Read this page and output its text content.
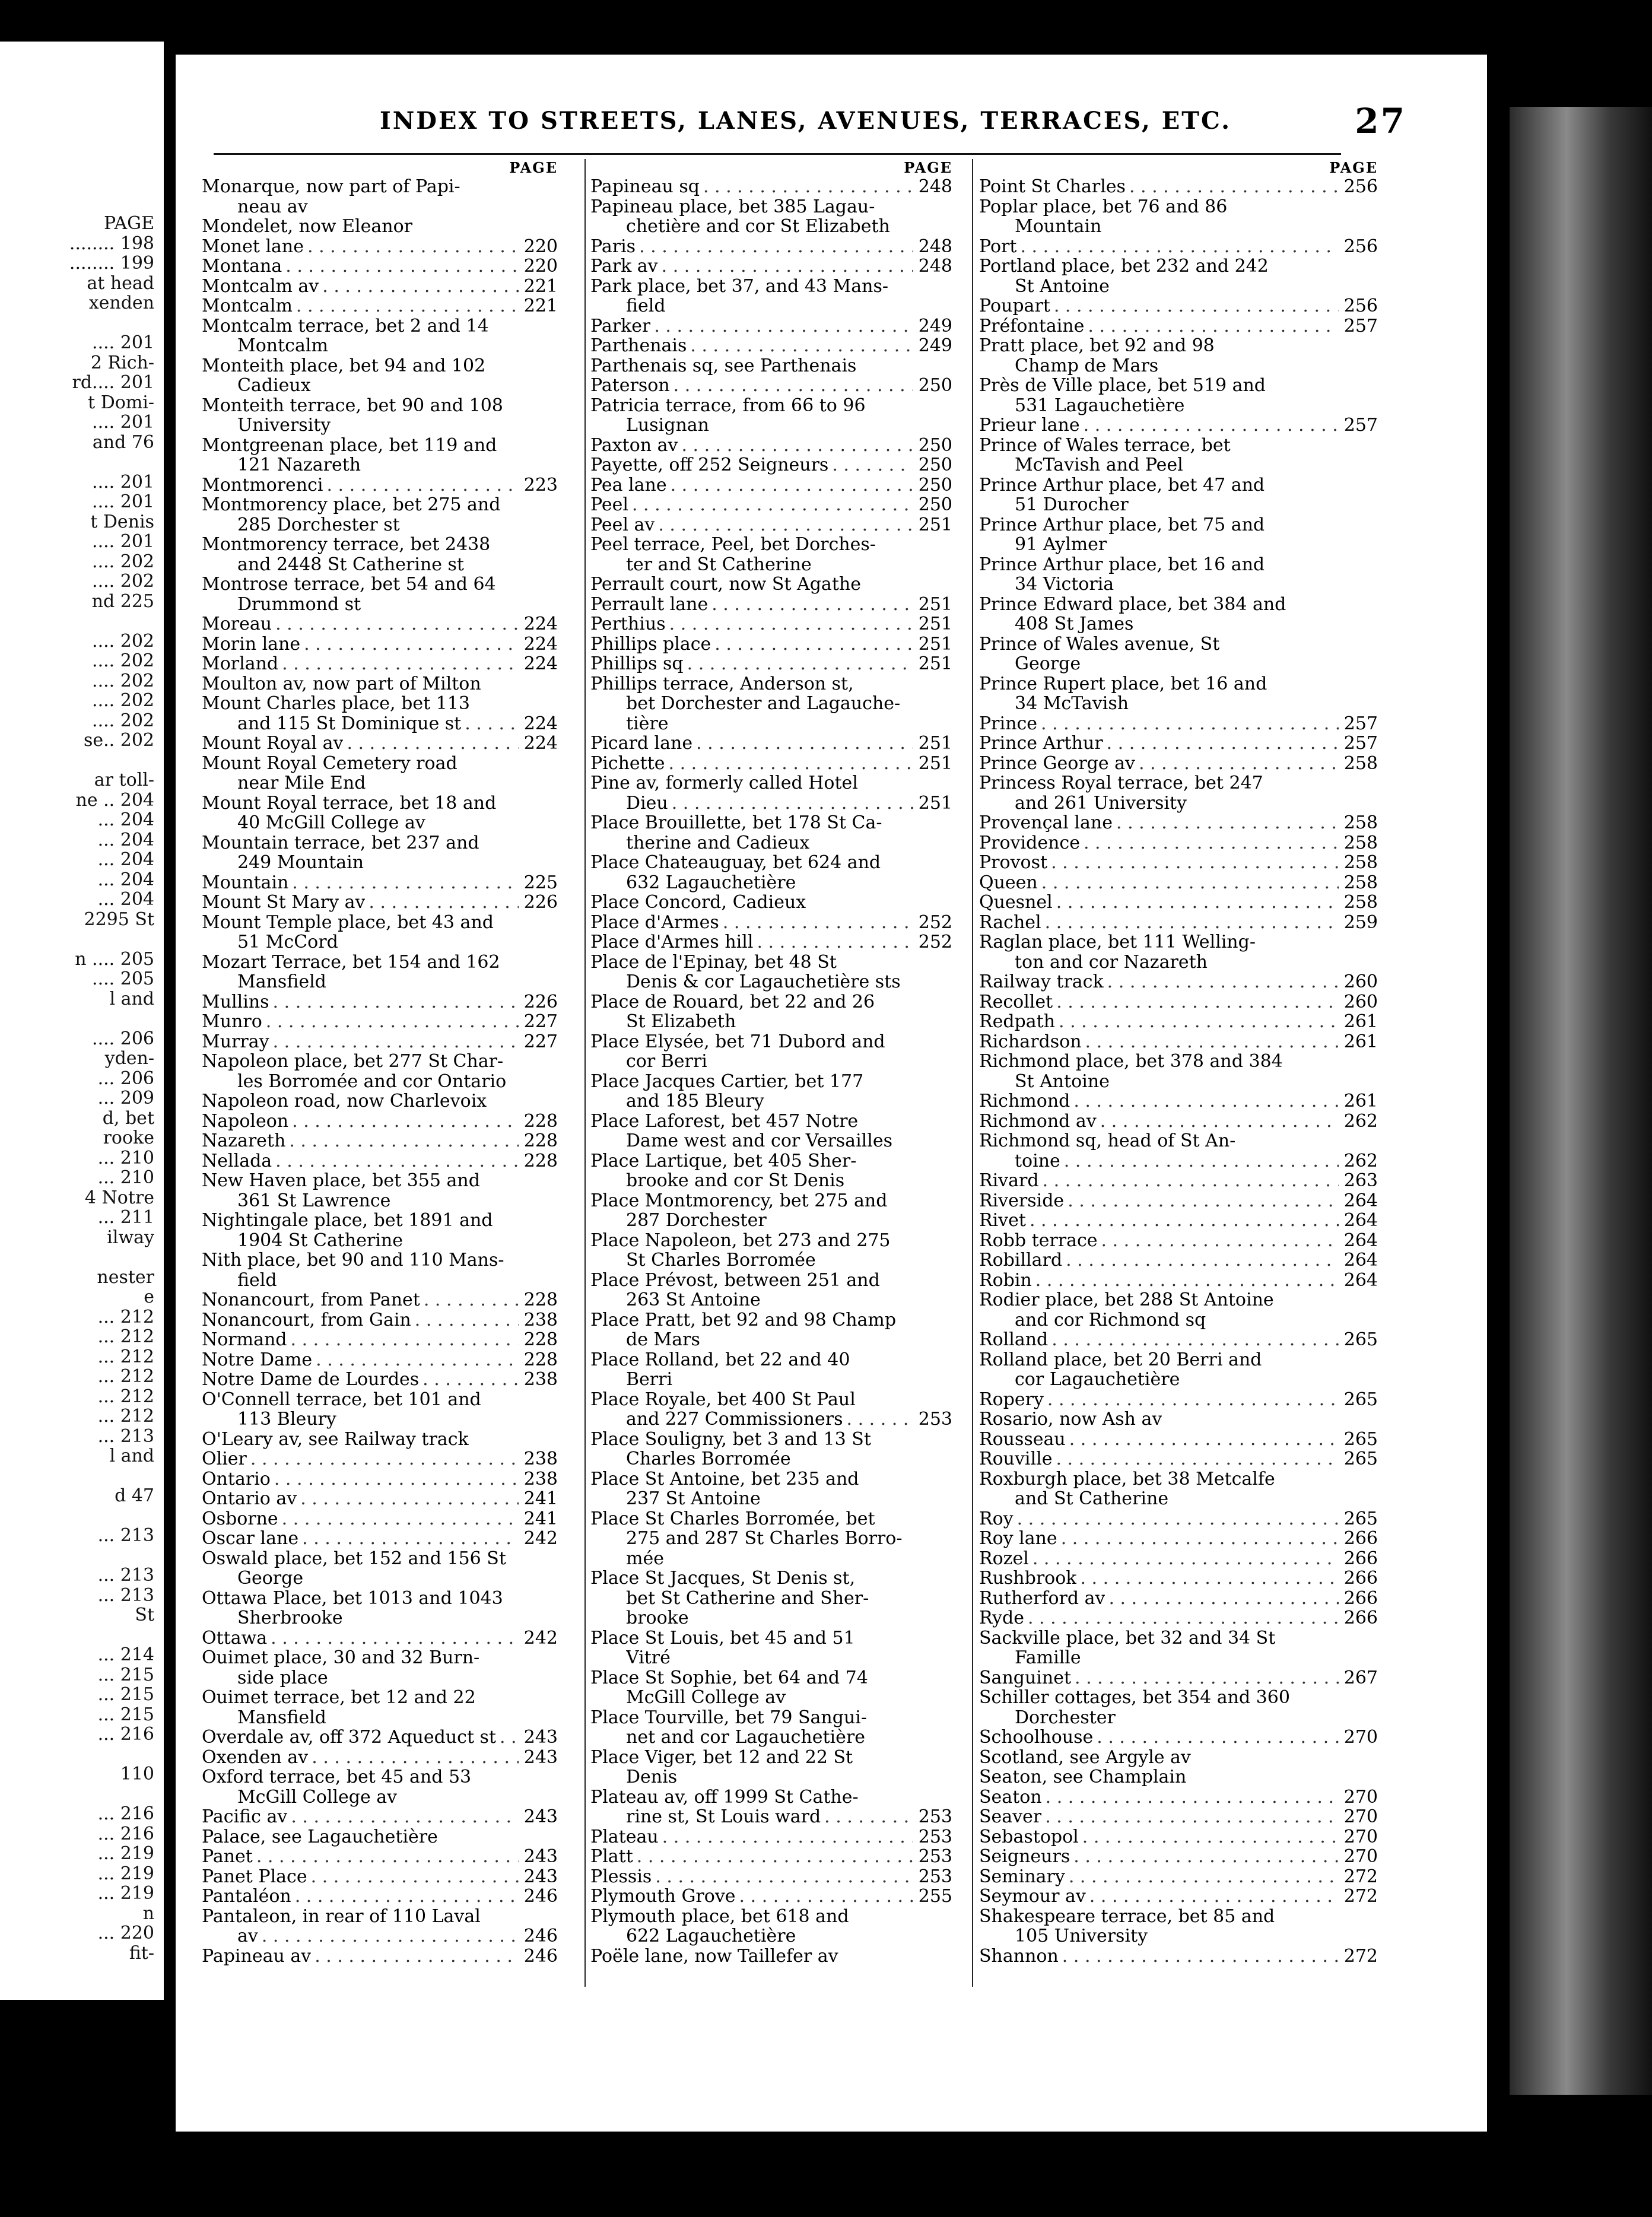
PAGE
........ 198
........ 199
at head
xenden
.... 201
2 Rich-
rd.... 201
t Domi-
.... 201
and 76
.... 201
.... 201
t Denis
.... 201
.... 202
.... 202
nd 225
.... 202
.... 202
.... 202
.... 202
.... 202
se.. 202
ar toll-
ne .. 204
... 204
... 204
... 204
... 204
... 204
2295 St
n .... 205
.... 205
l and
.... 206
yden-
... 206
... 209
d, bet
rooke
... 210
... 210
4 Notre
... 211
ilway
nester
e
... 212
... 212
... 212
... 212
... 212
... 212
... 213
l and
d 47
... 213
... 213
... 213
St
... 214
... 215
... 215
... 215
... 216
110
... 216
... 216
... 219
... 219
... 219
n
... 220
fit-
INDEX TO STREETS, LANES, AVENUES, TERRACES, ETC.	27
PAGE
Monarque, now part of Papi-
neau av
Mondelet, now Eleanor
Monet lane . . .	220
Montana . . .	220
Montcalm av . . .	221
Montcalm . . .	221
Montcalm terrace, bet 2 and 14
Montcalm
Monteith place, bet 94 and 102
Cadieux
Monteith terrace, bet 90 and 108
University
Montgreenan place, bet 119 and
121 Nazareth
Montmorenci . . .	223
Montmorency place, bet 275 and
285 Dorchester st
Montmorency terrace, bet 2438
and 2448 St Catherine st
Montrose terrace, bet 54 and 64
Drummond st
Moreau . . .	224
Morin lane . . .	224
Morland . . .	224
Moulton av, now part of Milton
Mount Charles place, bet 113
and 115 St Dominique st . . .	224
Mount Royal av . . .	224
Mount Royal Cemetery road
near Mile End
Mount Royal terrace, bet 18 and
40 McGill College av
Mountain terrace, bet 237 and
249 Mountain
Mountain . . .	225
Mount St Mary av . . .	226
Mount Temple place, bet 43 and
51 McCord
Mozart Terrace, bet 154 and 162
Mansfield
Mullins . . .	226
Munro . . .	227
Murray . . .	227
Napoleon place, bet 277 St Char-
les Borromée and cor Ontario
Napoleon road, now Charlevoix
Napoleon . . .	228
Nazareth . . .	228
Nellada . . .	228
New Haven place, bet 355 and
361 St Lawrence
Nightingale place, bet 1891 and
1904 St Catherine
Nith place, bet 90 and 110 Mans-
field
Nonancourt, from Panet . . .	228
Nonancourt, from Gain . . .	238
Normand . . .	228
Notre Dame . . .	228
Notre Dame de Lourdes . . .	238
O'Connell terrace, bet 101 and
113 Bleury
O'Leary av, see Railway track
Olier . . .	238
Ontario . . .	238
Ontario av . . .	241
Osborne . . .	241
Oscar lane . . .	242
Oswald place, bet 152 and 156 St
George
Ottawa Place, bet 1013 and 1043
Sherbrooke
Ottawa . . .	242
Ouimet place, 30 and 32 Burn-
side place
Ouimet terrace, bet 12 and 22
Mansfield
Overdale av, off 372 Aqueduct st . . . 243
Oxenden av . . .	243
Oxford terrace, bet 45 and 53
McGill College av
Pacific av . . .	243
Palace, see Lagauchetière
Panet . . .	243
Panet Place . . .	243
Pantaléon . . .	246
Pantaleon, in rear of 110 Laval
av . . .	246
Papineau av . . .	246
PAGE
Papineau sq . . .	248
Papineau place, bet 385 Lagau-
chetière and cor St Elizabeth
Paris . . .	248
Park av . . .	248
Park place, bet 37, and 43 Mans-
field
Parker . . .	249
Parthenais . . .	249
Parthenais sq, see Parthenais
Paterson . . .	250
Patricia terrace, from 66 to 96
Lusignan
Paxton av . . .	250
Payette, off 252 Seigneurs . . .	250
Pea lane . . .	250
Peel . . .	250
Peel av . . .	251
Peel terrace, Peel, bet Dorches-
ter and St Catherine
Perrault court, now St Agathe
Perrault lane . . .	251
Perthius . . .	251
Phillips place . . .	251
Phillips sq . . .	251
Phillips terrace, Anderson st,
bet Dorchester and Lagauche-
tière
Picard lane . . .	251
Pichette . . .	251
Pine av, formerly called Hotel
Dieu . . .	251
Place Brouillette, bet 178 St Ca-
therine and Cadieux
Place Chateauguay, bet 624 and
632 Lagauchetière
Place Concord, Cadieux
Place d'Armes . . .	252
Place d'Armes hill . . .	252
Place de l'Epinay, bet 48 St
Denis & cor Lagauchetière sts
Place de Rouard, bet 22 and 26
St Elizabeth
Place Elysée, bet 71 Dubord and
cor Berri
Place Jacques Cartier, bet 177
and 185 Bleury
Place Laforest, bet 457 Notre
Dame west and cor Versailles
Place Lartique, bet 405 Sher-
brooke and cor St Denis
Place Montmorency, bet 275 and
287 Dorchester
Place Napoleon, bet 273 and 275
St Charles Borromée
Place Prévost, between 251 and
263 St Antoine
Place Pratt, bet 92 and 98 Champ
de Mars
Place Rolland, bet 22 and 40
Berri
Place Royale, bet 400 St Paul
and 227 Commissioners . . .	253
Place Souligny, bet 3 and 13 St
Charles Borromée
Place St Antoine, bet 235 and
237 St Antoine
Place St Charles Borromée, bet
275 and 287 St Charles Borro-
mée
Place St Jacques, St Denis st,
bet St Catherine and Sher-
brooke
Place St Louis, bet 45 and 51
Vitré
Place St Sophie, bet 64 and 74
McGill College av
Place Tourville, bet 79 Sangui-
net and cor Lagauchetière
Place Viger, bet 12 and 22 St
Denis
Plateau av, off 1999 St Cathe-
rine st, St Louis ward . . .	253
Plateau . . .	253
Platt . . .	253
Plessis . . .	253
Plymouth Grove . . .	255
Plymouth place, bet 618 and
622 Lagauchetière
Poële lane, now Taillefer av
PAGE
Point St Charles . . .	256
Poplar place, bet 76 and 86
Mountain
Port . . .	256
Portland place, bet 232 and 242
St Antoine
Poupart . . .	256
Préfontaine . . .	257
Pratt place, bet 92 and 98
Champ de Mars
Près de Ville place, bet 519 and
531 Lagauchetière
Prieur lane . . .	257
Prince of Wales terrace, bet
McTavish and Peel
Prince Arthur place, bet 47 and
51 Durocher
Prince Arthur place, bet 75 and
91 Aylmer
Prince Arthur place, bet 16 and
34 Victoria
Prince Edward place, bet 384 and
408 St James
Prince of Wales avenue, St
George
Prince Rupert place, bet 16 and
34 McTavish
Prince . . .	257
Prince Arthur . . .	257
Prince George av . . .	258
Princess Royal terrace, bet 247
and 261 University
Provençal lane . . .	258
Providence . . .	258
Provost . . .	258
Queen . . .	258
Quesnel . . .	258
Rachel . . .	259
Raglan place, bet 111 Welling-
ton and cor Nazareth
Railway track . . .	260
Recollet . . .	260
Redpath . . .	261
Richardson . . .	261
Richmond place, bet 378 and 384
St Antoine
Richmond . . .	261
Richmond av . . .	262
Richmond sq, head of St An-
toine . . .	262
Rivard . . .	263
Riverside . . .	264
Rivet . . .	264
Robb terrace . . .	264
Robillard . . .	264
Robin . . .	264
Rodier place, bet 288 St Antoine
and cor Richmond sq
Rolland . . .	265
Rolland place, bet 20 Berri and
cor Lagauchetière
Ropery . . .	265
Rosario, now Ash av
Rousseau . . .	265
Rouville . . .	265
Roxburgh place, bet 38 Metcalfe
and St Catherine
Roy . . .	265
Roy lane . . .	266
Rozel . . .	266
Rushbrook . . .	266
Rutherford av . . .	266
Ryde . . .	266
Sackville place, bet 32 and 34 St
Famille
Sanguinet . . .	267
Schiller cottages, bet 354 and 360
Dorchester
Schoolhouse . . .	270
Scotland, see Argyle av
Seaton, see Champlain
Seaton . . .	270
Seaver . . .	270
Sebastopol . . .	270
Seigneurs . . .	270
Seminary . . .	272
Seymour av . . .	272
Shakespeare terrace, bet 85 and
105 University
Shannon . . .	272
